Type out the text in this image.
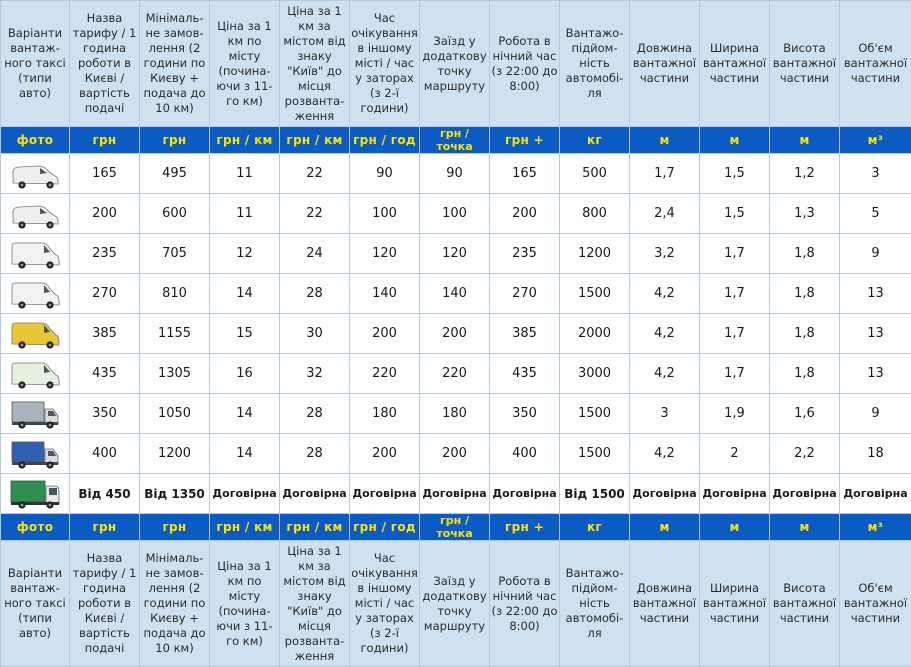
Варіанти вантаж-ного таксі (типи авто)	Назва тарифу / 1 година роботи в Києві / вартість подачі	Мінімаль-не замов-лення (2 години по Києву + подача до 10 км)	Ціна за 1 км по місту (почина-ючи з 11-го км)	Ціна за 1 км за містом від знаку "Київ" до місця розванта-ження	Час очікування в іншому місті / час у заторах (з 2-ї години)	Заїзд у додаткову точку маршруту	Робота в нічний час (з 22:00 до 8:00)	Вантажо-підйом-ність автомобі-ля	Довжина вантажної частини	Ширина вантажної частини	Висота вантажної частини	Об'єм вантажної частини

фото	грн	грн	грн / км	грн / км	грн / год	грн / точка	грн +	кг	м	м	м	м³

	165	495	11	22	90	90	165	500	1,7	1,5	1,2	3

	200	600	11	22	100	100	200	800	2,4	1,5	1,3	5

	235	705	12	24	120	120	235	1200	3,2	1,7	1,8	9

	270	810	14	28	140	140	270	1500	4,2	1,7	1,8	13

	385	1155	15	30	200	200	385	2000	4,2	1,7	1,8	13

	435	1305	16	32	220	220	435	3000	4,2	1,7	1,8	13

	350	1050	14	28	180	180	350	1500	3	1,9	1,6	9

	400	1200	14	28	200	200	400	1500	4,2	2	2,2	18

	Від 450	Від 1350	Договірна	Договірна	Договірна	Договірна	Договірна	Від 1500	Договірна	Договірна	Договірна	Договірна
фото	грн	грн	грн / км	грн / км	грн / год	грн / точка	грн +	кг	м	м	м	м³

Варіанти вантаж-ного таксі (типи авто)	Назва тарифу / 1 година роботи в Києві / вартість подачі	Мінімаль-не замов-лення (2 години по Києву + подача до 10 км)	Ціна за 1 км по місту (почина-ючи з 11-го км)	Ціна за 1 км за містом від знаку "Київ" до місця розванта-ження	Час очікування в іншому місті / час у заторах (з 2-ї години)	Заїзд у додаткову точку маршруту	Робота в нічний час (з 22:00 до 8:00)	Вантажо-підйом-ність автомобі-ля	Довжина вантажної частини	Ширина вантажної частини	Висота вантажної частини	Об'єм вантажної частини
